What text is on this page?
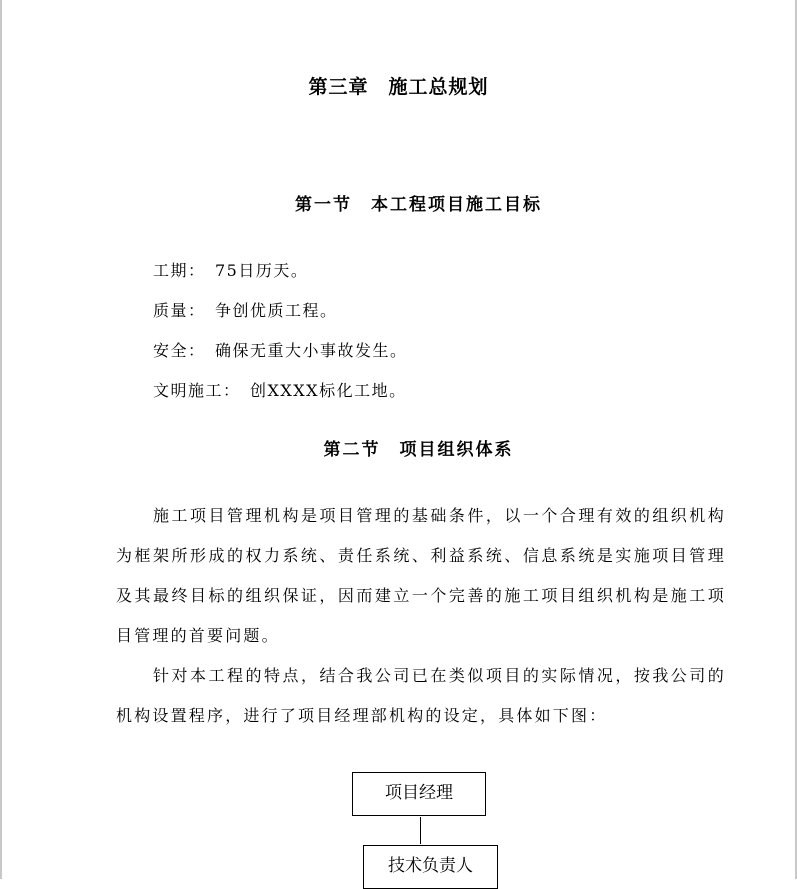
第三章　施工总规划
第一节　本工程项目施工目标
工期：　75日历天。
质量：　争创优质工程。
安全：　确保无重大小事故发生。
文明施工：　创XXXX标化工地。
第二节　项目组织体系
施工项目管理机构是项目管理的基础条件，以一个合理有效的组织机构为框架所形成的权力系统、责任系统、利益系统、信息系统是实施项目管理及其最终目标的组织保证，因而建立一个完善的施工项目组织机构是施工项目管理的首要问题。
针对本工程的特点，结合我公司已在类似项目的实际情况，按我公司的机构设置程序，进行了项目经理部机构的设定，具体如下图：
项目经理
技术负责人
